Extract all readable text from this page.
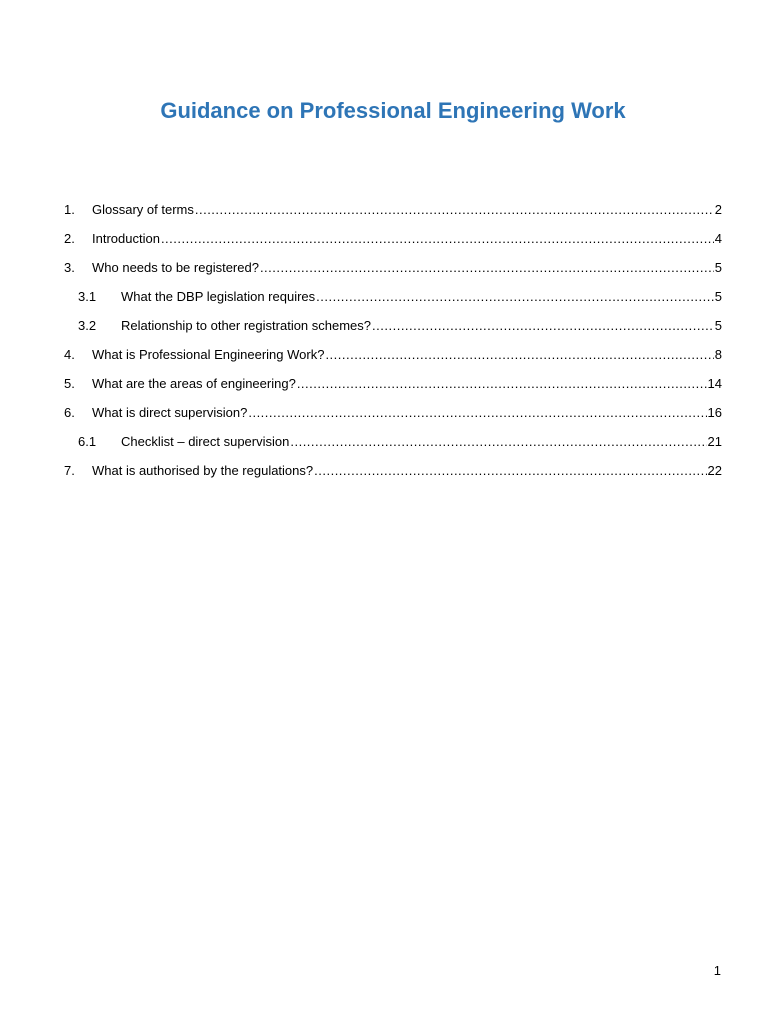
Guidance on Professional Engineering Work
1.	Glossary of terms .....	2
2.	Introduction .....	4
3.	Who needs to be registered? .....	5
3.1	What the DBP legislation requires .....	5
3.2	Relationship to other registration schemes? .....	5
4.	What is Professional Engineering Work? .....	8
5.	What are the areas of engineering? .....	14
6.	What is direct supervision? .....	16
6.1	Checklist – direct supervision .....	21
7.	What is authorised by the regulations? .....	22
1
